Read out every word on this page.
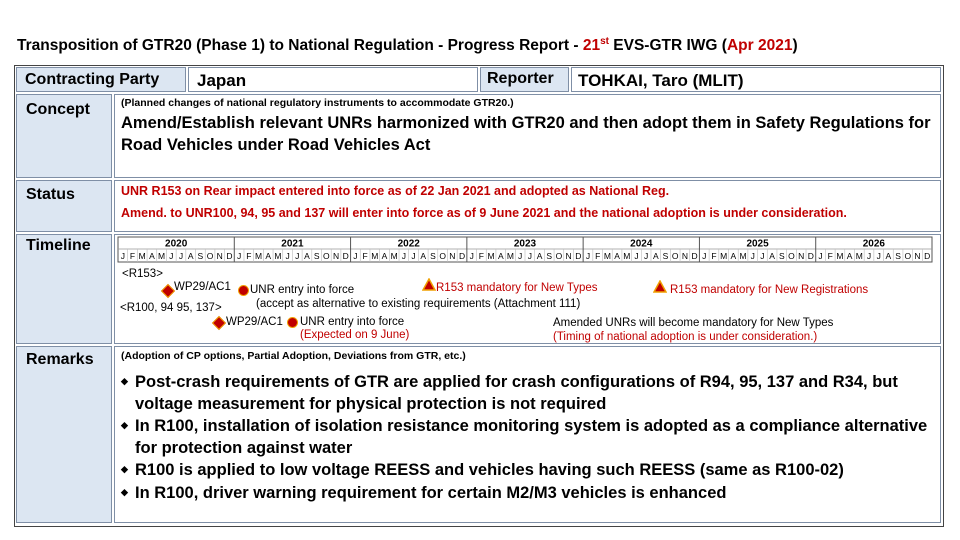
Transposition of GTR20 (Phase 1) to National Regulation - Progress Report - 21st EVS-GTR IWG (Apr 2021)
Contracting Party Japan	Reporter TOHKAI, Taro (MLIT)
Concept	(Planned changes of national regulatory instruments to accommodate GTR20.)
Amend/Establish relevant UNRs harmonized with GTR20 and then adopt them in Safety Regulations for Road Vehicles under Road Vehicles Act
Status	UNR R153 on Rear impact entered into force as of 22 Jan 2021 and adopted as National Reg.
Amend. to UNR100, 94, 95 and 137 will enter into force as of 9 June 2021 and the national adoption is under consideration.
Timeline	2020
J F M A M J J A S O N D
2021
J F M A M J J A S O N D
2022
J F M A M J J A S O N D
2023
J F M A M J J A S O N D
2024
J F M A M J J A S O N D
2025
J F M A M J J A S O N D
2026
J F M A M J J A S O N D
<R153>
WP29/AC1 UNR entry into force	R153 mandatory for New Types
(accept as alternative to existing requirements (Attachment 111)
R153 mandatory for New Registrations
<R100, 94 95, 137>
WP29/AC1 UNR entry into force
(Expected on 9 June)
Amended UNRs will become mandatory for New Types
(Timing of national adoption is under consideration.)
Remarks	(Adoption of CP options, Partial Adoption, Deviations from GTR, etc.)
◆ Post-crash requirements of GTR are applied for crash configurations of R94, 95, 137 and R34, but voltage measurement for physical protection is not required
◆ In R100, installation of isolation resistance monitoring system is adopted as a compliance alternative for protection against water
◆ R100 is applied to low voltage REESS and vehicles having such REESS (same as R100-02)
◆ In R100, driver warning requirement for certain M2/M3 vehicles is enhanced
